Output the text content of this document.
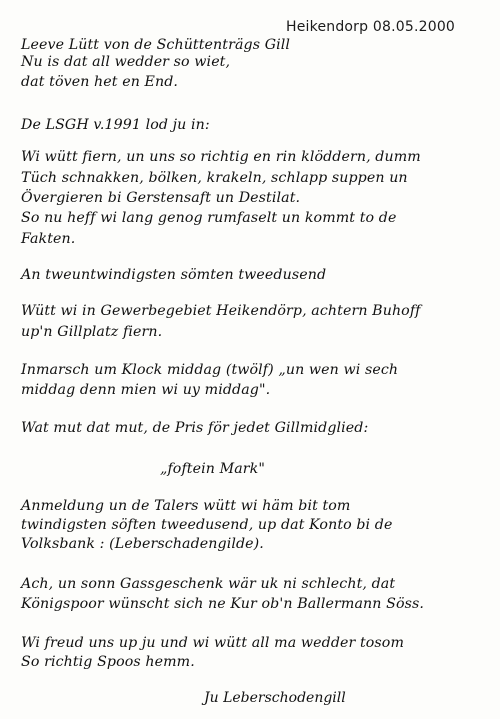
Heikendorp 08.05.2000
Leeve Lütt von de Schüttenträgs Gill
Nu is dat all wedder so wiet,
dat töven het en End.
De LSGH v.1991 lod ju in:
Wi wütt fiern, un uns so richtig en rin klöddern, dumm
Tüch schnakken, bölken, krakeln, schlapp suppen un
Övergieren bi Gerstensaft un Destilat.
So nu heff wi lang genog rumfaselt un kommt to de
Fakten.
An tweuntwindigsten sömten tweedusend
Wütt wi in Gewerbegebiet Heikendörp, achtern Buhoff
up'n Gillplatz fiern.
Inmarsch um Klock middag (twölf) „un wen wi sech
middag denn mien wi uy middag".
Wat mut dat mut, de Pris för jedet Gillmidglied:
„foftein Mark"
Anmeldung un de Talers wütt wi häm bit tom
twindigsten söften tweedusend, up dat Konto bi de
Volksbank : (Leberschadengilde).
Ach, un sonn Gassgeschenk wär uk ni schlecht, dat
Königspoor wünscht sich ne Kur ob'n Ballermann Söss.
Wi freud uns up ju und wi wütt all ma wedder tosom
So richtig Spoos hemm.
Ju Leberschodengill
